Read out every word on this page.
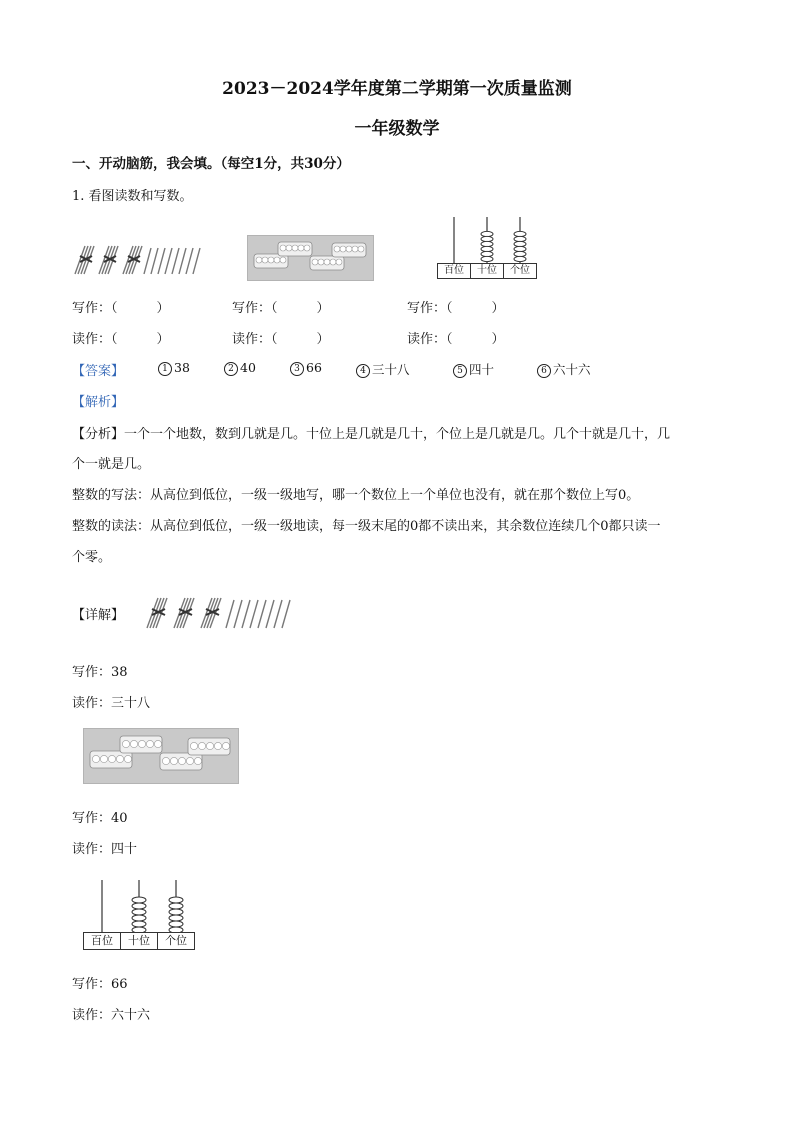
2023－2024学年度第二学期第一次质量监测
一年级数学
一、开动脑筋，我会填。（每空1分，共30分）
1. 看图读数和写数。
百位	十位	个位
写作：（　　　）	写作：（　　　）	写作：（　　　）
读作：（　　　）	读作：（　　　）	读作：（　　　）
【答案】	1 38	2 40	3 66	4 三十八	5 四十	6 六十六
【解析】
【分析】一个一个地数，数到几就是几。十位上是几就是几十，个位上是几就是几。几个十就是几十，几
个一就是几。
整数的写法：从高位到低位，一级一级地写，哪一个数位上一个单位也没有，就在那个数位上写0。
整数的读法：从高位到低位，一级一级地读，每一级末尾的0都不读出来，其余数位连续几个0都只读一
个零。
【详解】
写作：38
读作：三十八
写作：40
读作：四十
百位	十位	个位
写作：66
读作：六十六
